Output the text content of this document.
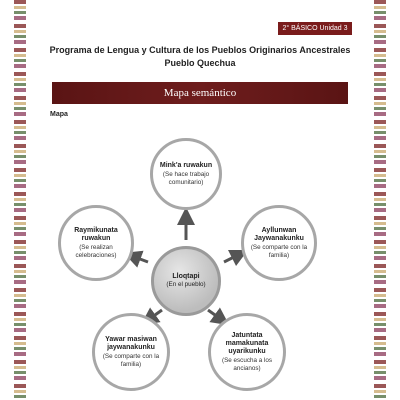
2° BÁSICO Unidad 3
Programa de Lengua y Cultura de los Pueblos Originarios Ancestrales
Pueblo Quechua
Mapa semántico
Mapa
Mink'a ruwakun
(Se hace trabajo comunitario)
Ayllunwan Jaywanakunku
(Se comparte con la familia)
Jatuntata mamakunata uyarikunku
(Se escucha a los ancianos)
Yawar masiwan jaywanakunku
(Se comparte con la familia)
Raymikunata ruwakun
(Se realizan celebraciones)
Lloqtapi
(En el pueblo)
